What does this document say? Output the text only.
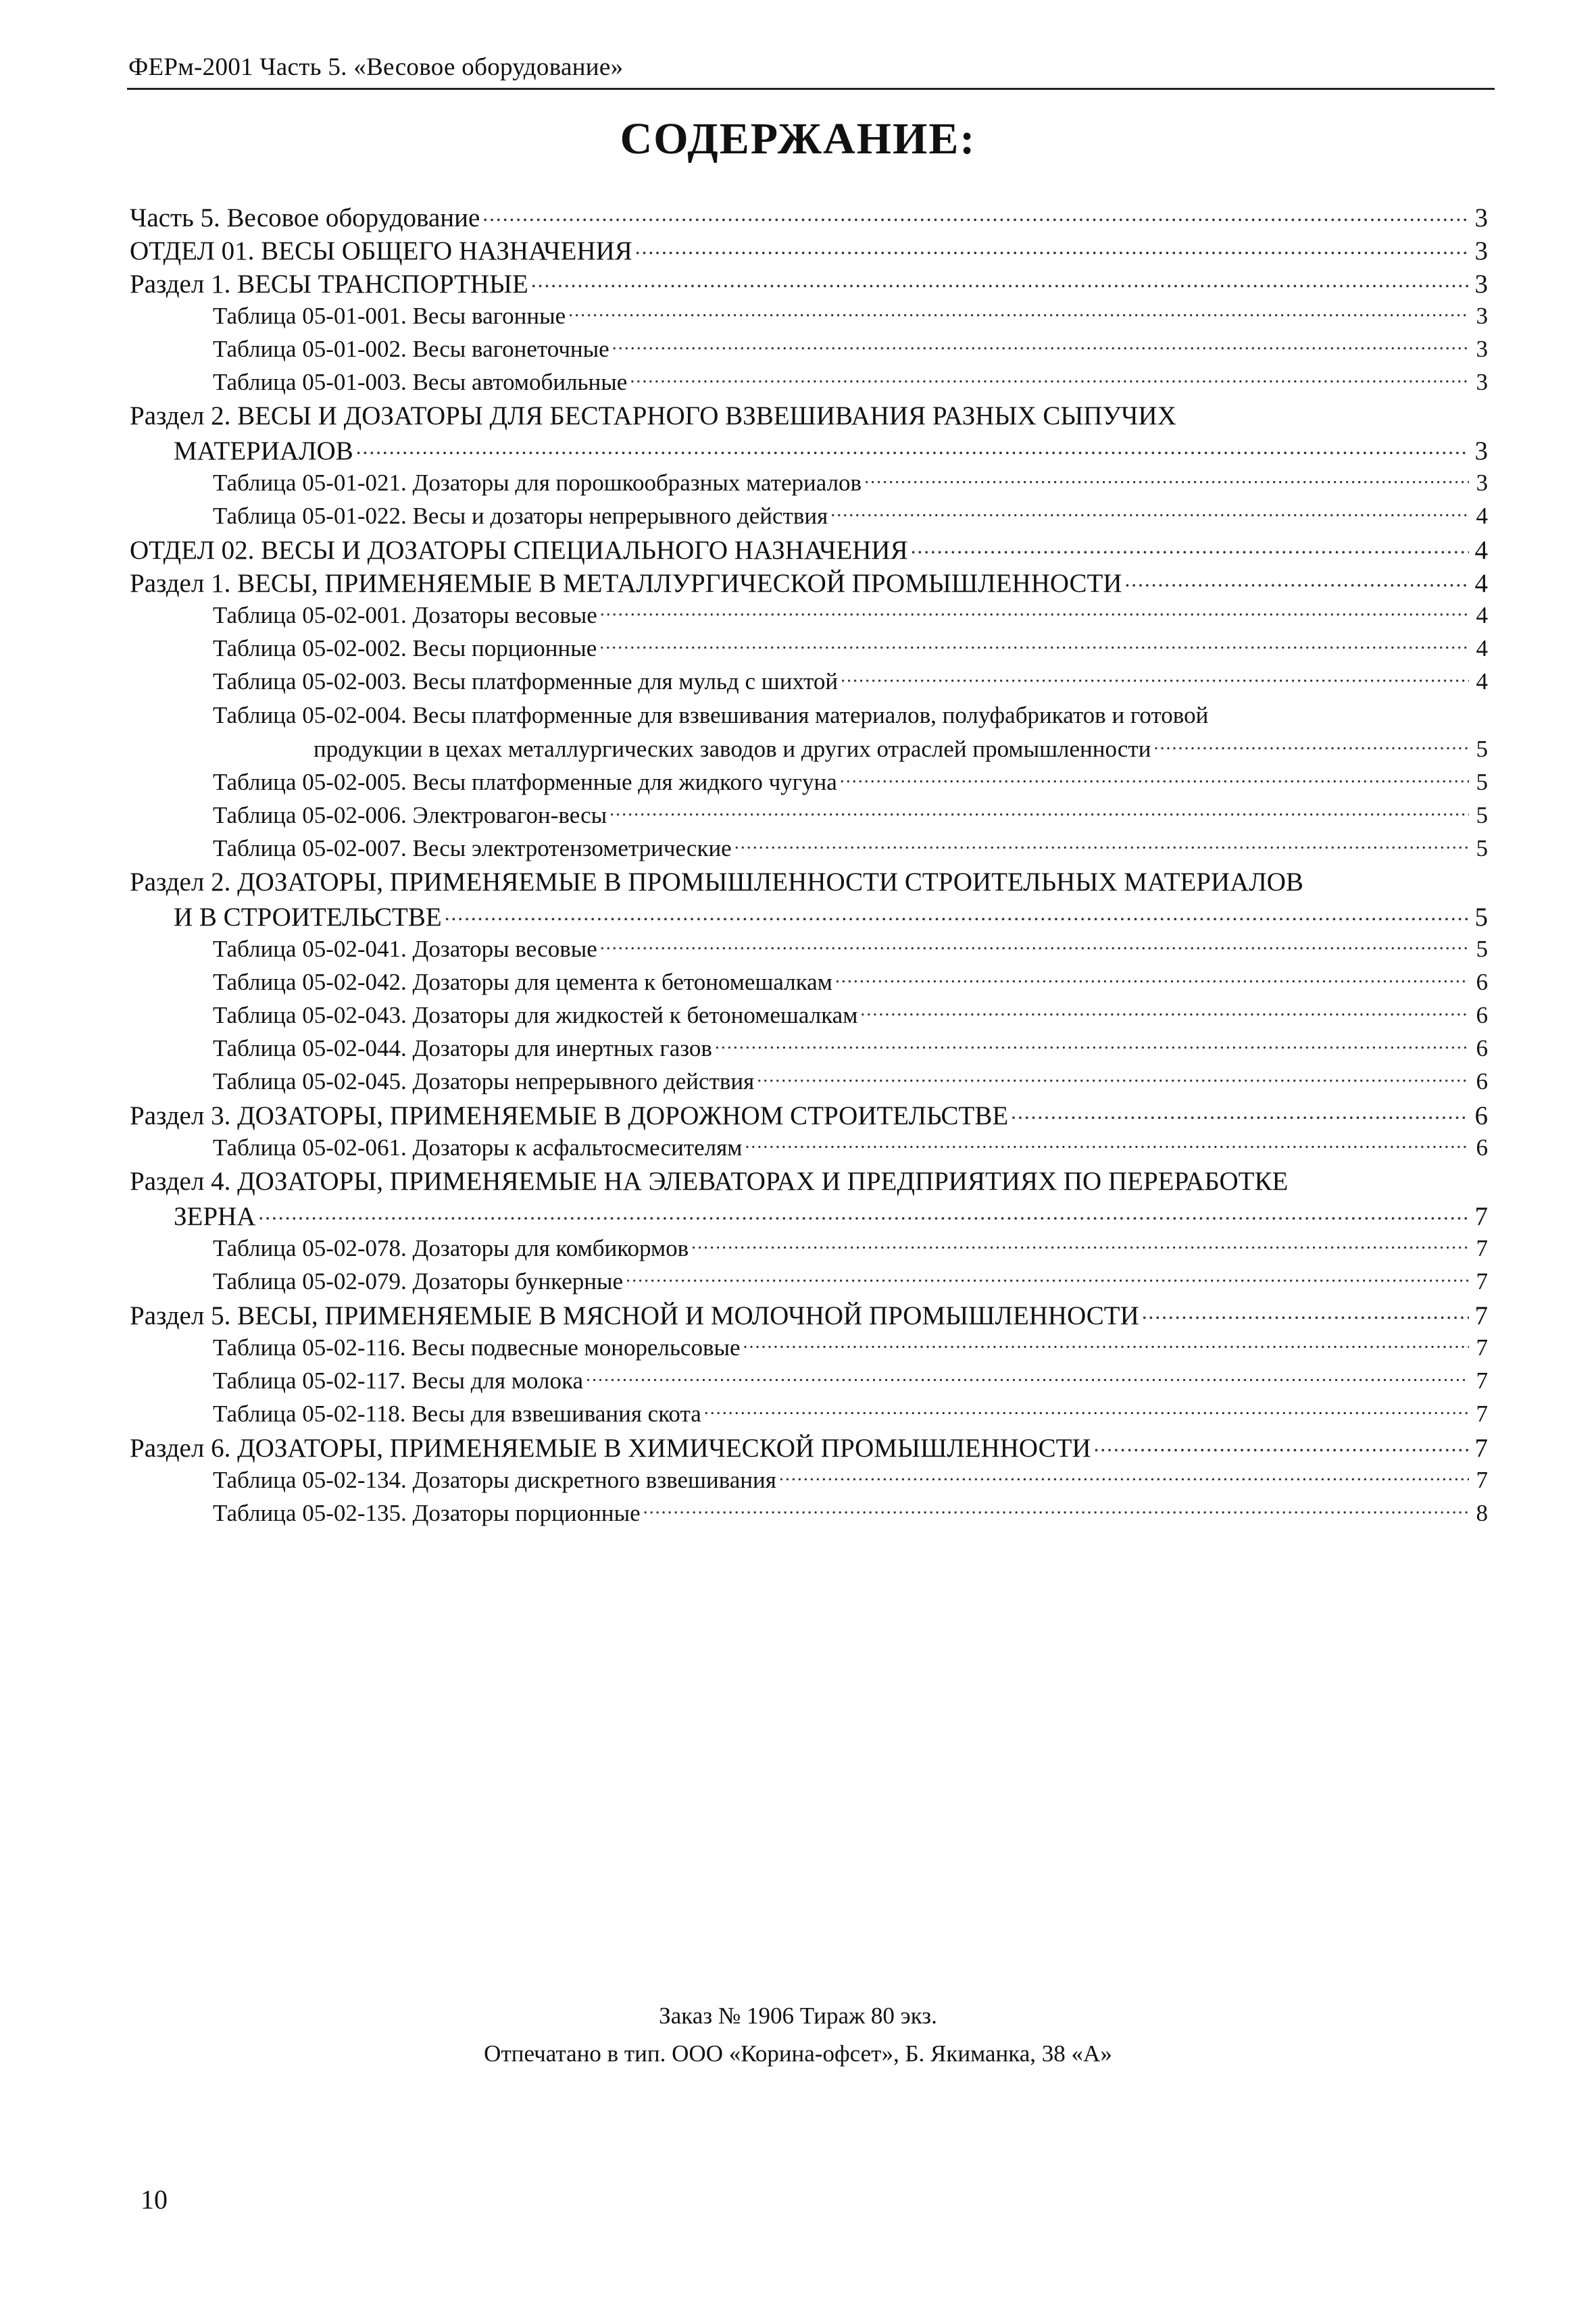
ФЕРм-2001 Часть 5. «Весовое оборудование»
СОДЕРЖАНИЕ:
Часть 5. Весовое оборудование .....	3
ОТДЕЛ 01. ВЕСЫ ОБЩЕГО НАЗНАЧЕНИЯ .....	3
Раздел 1. ВЕСЫ ТРАНСПОРТНЫЕ .....	3
Таблица 05-01-001. Весы вагонные .....	3
Таблица 05-01-002. Весы вагонеточные .....	3
Таблица 05-01-003. Весы автомобильные .....	3
Раздел 2. ВЕСЫ И ДОЗАТОРЫ ДЛЯ БЕСТАРНОГО ВЗВЕШИВАНИЯ РАЗНЫХ СЫПУЧИХ
МАТЕРИАЛОВ .....	3
Таблица 05-01-021. Дозаторы для порошкообразных материалов .....	3
Таблица 05-01-022. Весы и дозаторы непрерывного действия .....	4
ОТДЕЛ 02. ВЕСЫ И ДОЗАТОРЫ СПЕЦИАЛЬНОГО НАЗНАЧЕНИЯ .....	4
Раздел 1. ВЕСЫ, ПРИМЕНЯЕМЫЕ В МЕТАЛЛУРГИЧЕСКОЙ ПРОМЫШЛЕННОСТИ .....	4
Таблица 05-02-001. Дозаторы весовые .....	4
Таблица 05-02-002. Весы порционные .....	4
Таблица 05-02-003. Весы платформенные для мульд с шихтой .....	4
Таблица 05-02-004. Весы платформенные для взвешивания материалов, полуфабрикатов и готовой
продукции в цехах металлургических заводов и других отраслей промышленности .....	5
Таблица 05-02-005. Весы платформенные для жидкого чугуна .....	5
Таблица 05-02-006. Электровагон-весы .....	5
Таблица 05-02-007. Весы электротензометрические .....	5
Раздел 2. ДОЗАТОРЫ, ПРИМЕНЯЕМЫЕ В ПРОМЫШЛЕННОСТИ СТРОИТЕЛЬНЫХ МАТЕРИАЛОВ
И В СТРОИТЕЛЬСТВЕ .....	5
Таблица 05-02-041. Дозаторы весовые .....	5
Таблица 05-02-042. Дозаторы для цемента к бетономешалкам .....	6
Таблица 05-02-043. Дозаторы для жидкостей к бетономешалкам .....	6
Таблица 05-02-044. Дозаторы для инертных газов .....	6
Таблица 05-02-045. Дозаторы непрерывного действия .....	6
Раздел 3. ДОЗАТОРЫ, ПРИМЕНЯЕМЫЕ В ДОРОЖНОМ СТРОИТЕЛЬСТВЕ .....	6
Таблица 05-02-061. Дозаторы к асфальтосмесителям .....	6
Раздел 4. ДОЗАТОРЫ, ПРИМЕНЯЕМЫЕ НА ЭЛЕВАТОРАХ И ПРЕДПРИЯТИЯХ ПО ПЕРЕРАБОТКЕ
ЗЕРНА .....	7
Таблица 05-02-078. Дозаторы для комбикормов .....	7
Таблица 05-02-079. Дозаторы бункерные .....	7
Раздел 5. ВЕСЫ, ПРИМЕНЯЕМЫЕ В МЯСНОЙ И МОЛОЧНОЙ ПРОМЫШЛЕННОСТИ .....	7
Таблица 05-02-116. Весы подвесные монорельсовые .....	7
Таблица 05-02-117. Весы для молока .....	7
Таблица 05-02-118. Весы для взвешивания скота .....	7
Раздел 6. ДОЗАТОРЫ, ПРИМЕНЯЕМЫЕ В ХИМИЧЕСКОЙ ПРОМЫШЛЕННОСТИ .....	7
Таблица 05-02-134. Дозаторы дискретного взвешивания .....	7
Таблица 05-02-135. Дозаторы порционные .....	8
Заказ № 1906 Тираж 80 экз.
Отпечатано в тип. ООО «Корина-офсет», Б. Якиманка, 38 «А»
10
